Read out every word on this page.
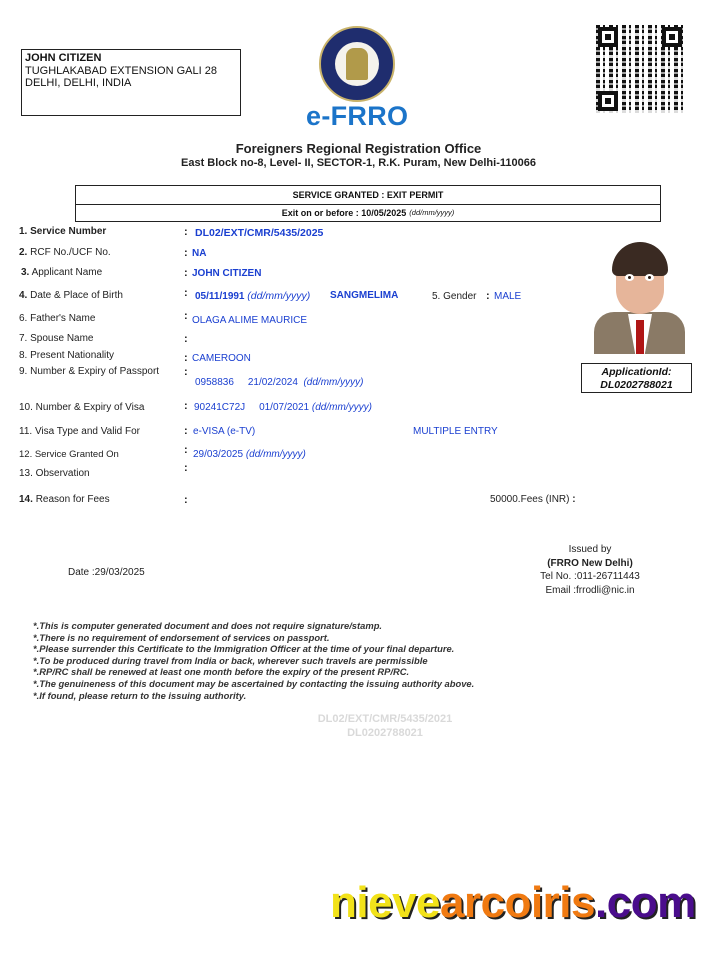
JOHN CITIZEN
TUGHLAKABAD EXTENSION GALI 28
DELHI, DELHI, INDIA
e-FRRO
Foreigners Regional Registration Office
East Block no-8, Level- II, SECTOR-1, R.K. Puram, New Delhi-110066
SERVICE GRANTED : EXIT PERMIT
Exit on or before : 10/05/2025 (dd/mm/yyyy)
1. Service Number	: DL02/EXT/CMR/5435/2025
2. RCF No./UCF No.	: NA
3. Applicant Name	: JOHN CITIZEN
4. Date & Place of Birth	: 05/11/1991 (dd/mm/yyyy) SANGMELIMA	5. Gender : MALE
6. Father's Name	: OLAGA ALIME MAURICE
7. Spouse Name	:
8. Present Nationality	: CAMEROON
9. Number & Expiry of Passport :
0958836 21/02/2024 (dd/mm/yyyy)
10. Number & Expiry of Visa	: 90241C72J 01/07/2021 (dd/mm/yyyy)
11. Visa Type and Valid For	: e-VISA (e-TV)	MULTIPLE ENTRY
12. Service Granted On	: 29/03/2025 (dd/mm/yyyy)
13. Observation	:
14. Reason for Fees	:	50000.Fees (INR) :
ApplicationId:
DL0202788021
Issued by
(FRRO New Delhi)
Tel No. :011-26711443
Email :frrodli@nic.in
Date :29/03/2025
*.This is computer generated document and does not require signature/stamp.
*.There is no requirement of endorsement of services on passport.
*.Please surrender this Certificate to the Immigration Officer at the time of your final departure.
*.To be produced during travel from India or back, wherever such travels are permissible
*.RP/RC shall be renewed at least one month before the expiry of the present RP/RC.
*.The genuineness of this document may be ascertained by contacting the issuing authority above.
*.If found, please return to the issuing authority.
DL02/EXT/CMR/5435/2021
DL0202788021
nievearcoiris.com
